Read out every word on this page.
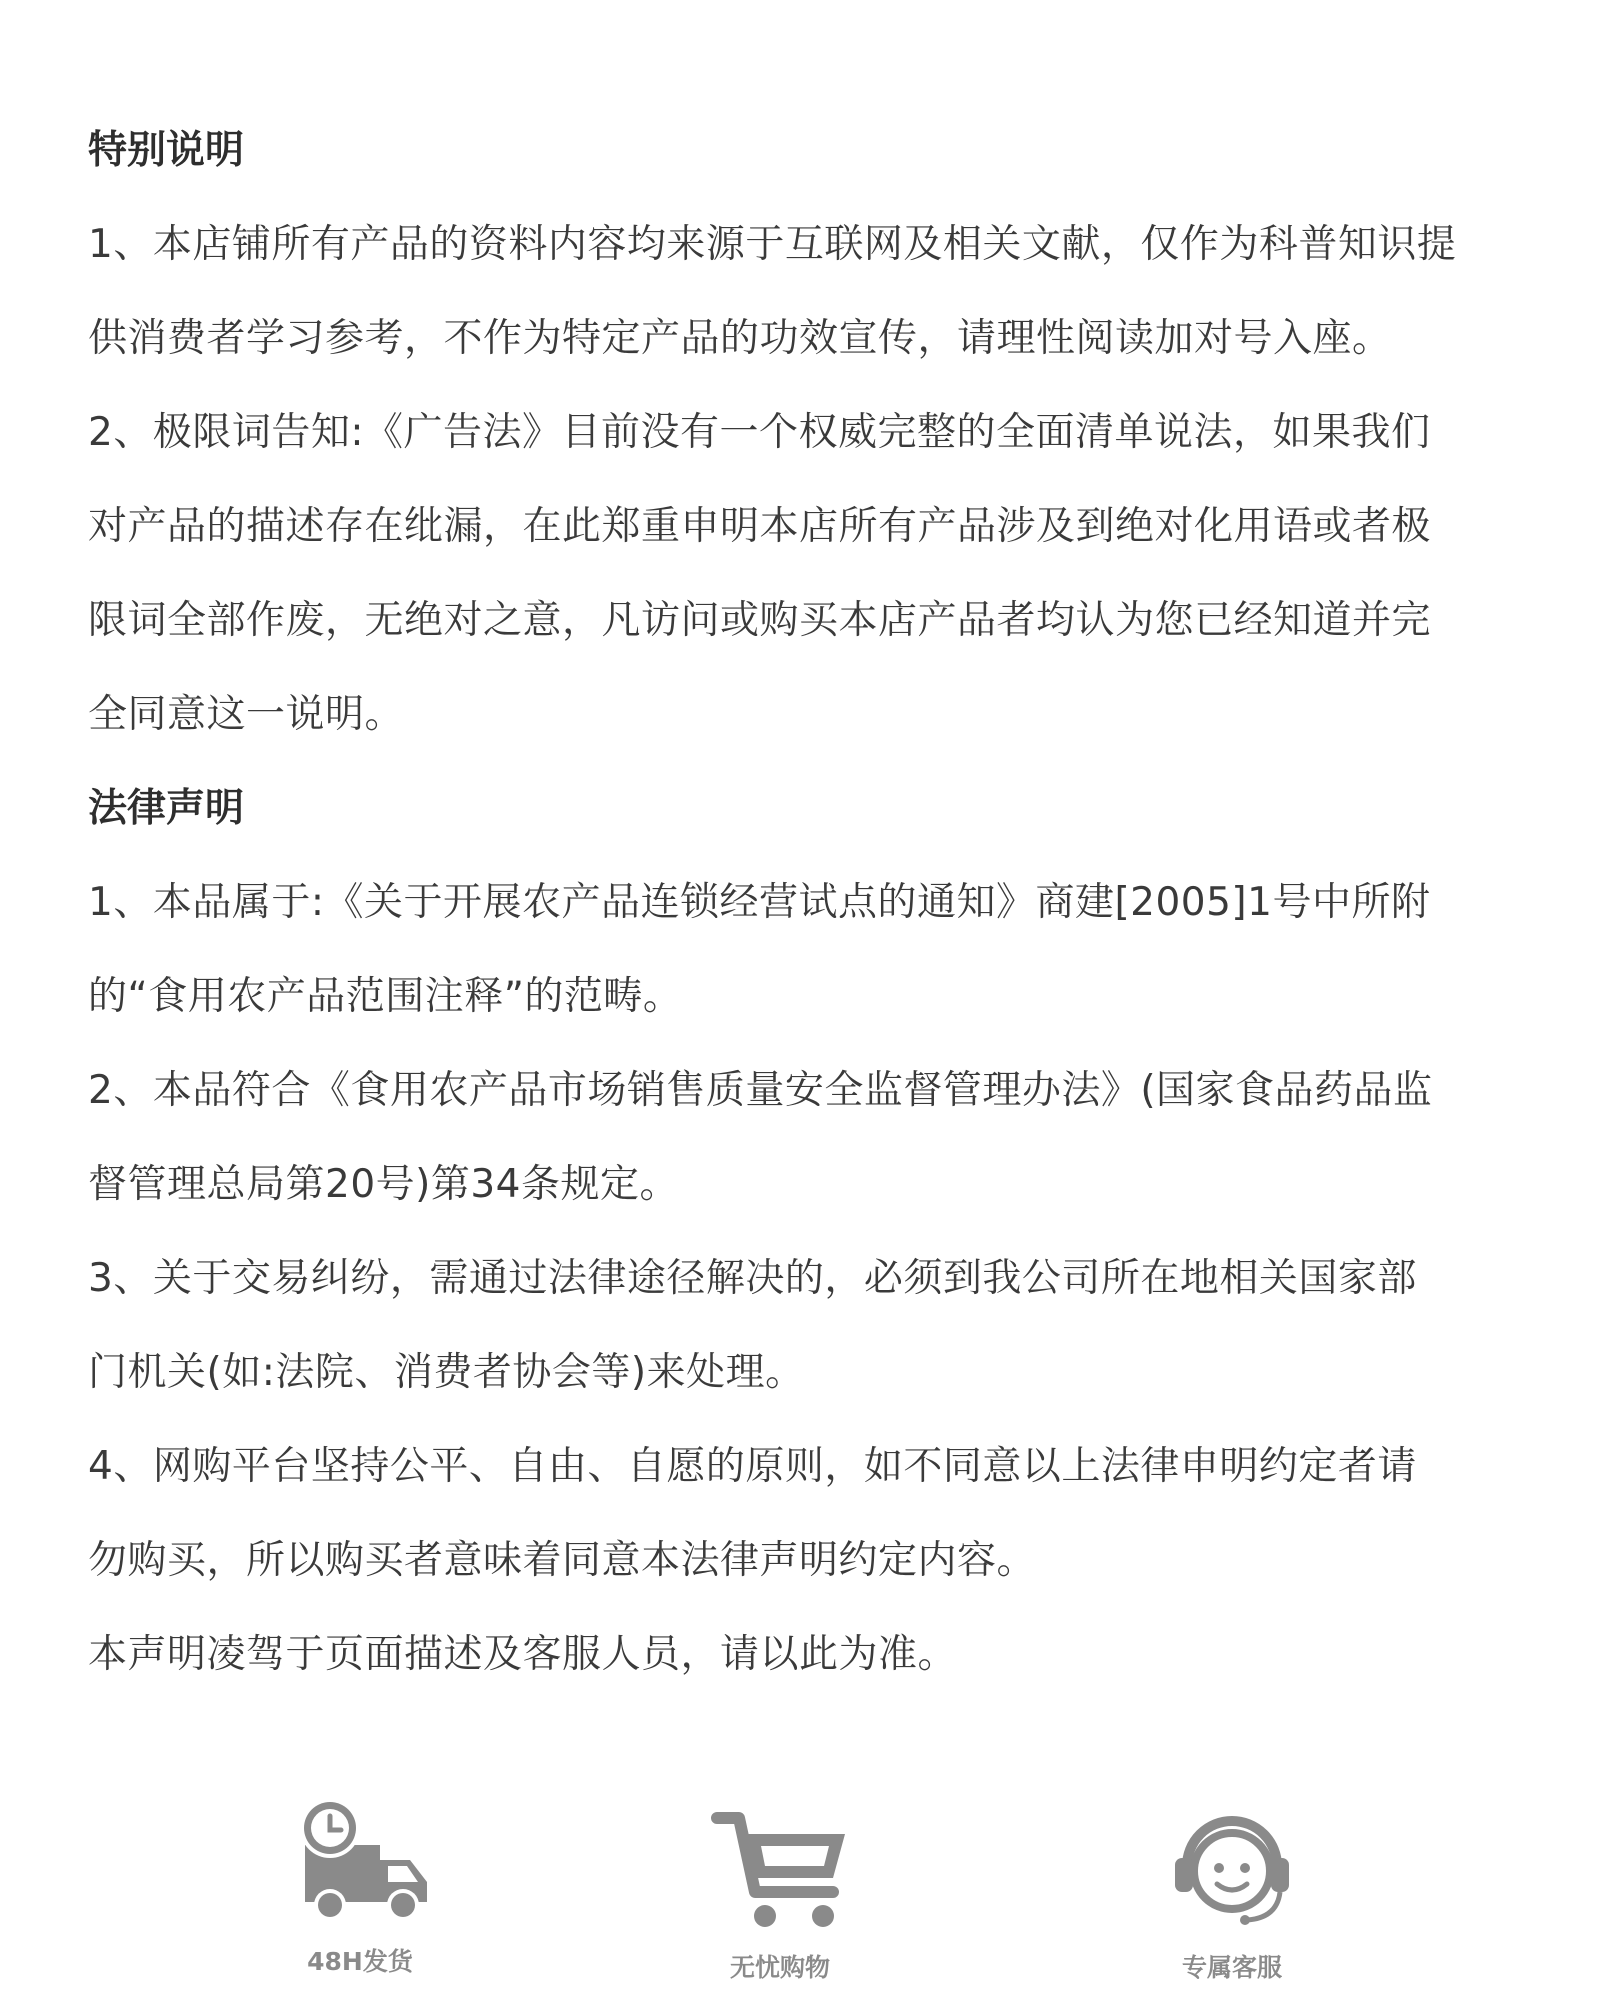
特别说明
1、本店铺所有产品的资料内容均来源于互联网及相关文献，仅作为科普知识提
供消费者学习参考，不作为特定产品的功效宣传，请理性阅读加对号入座。
2、极限词告知:《广告法》目前没有一个权威完整的全面清单说法，如果我们
对产品的描述存在纰漏，在此郑重申明本店所有产品涉及到绝对化用语或者极
限词全部作废，无绝对之意，凡访问或购买本店产品者均认为您已经知道并完
全同意这一说明。
法律声明
1、本品属于:《关于开展农产品连锁经营试点的通知》商建[2005]1号中所附
的“食用农产品范围注释”的范畴。
2、本品符合《食用农产品市场销售质量安全监督管理办法》(国家食品药品监
督管理总局第20号)第34条规定。
3、关于交易纠纷，需通过法律途径解决的，必须到我公司所在地相关国家部
门机关(如:法院、消费者协会等)来处理。
4、网购平台坚持公平、自由、自愿的原则，如不同意以上法律申明约定者请
勿购买，所以购买者意味着同意本法律声明约定内容。
本声明凌驾于页面描述及客服人员，请以此为准。
48H发货	无忧购物	专属客服
